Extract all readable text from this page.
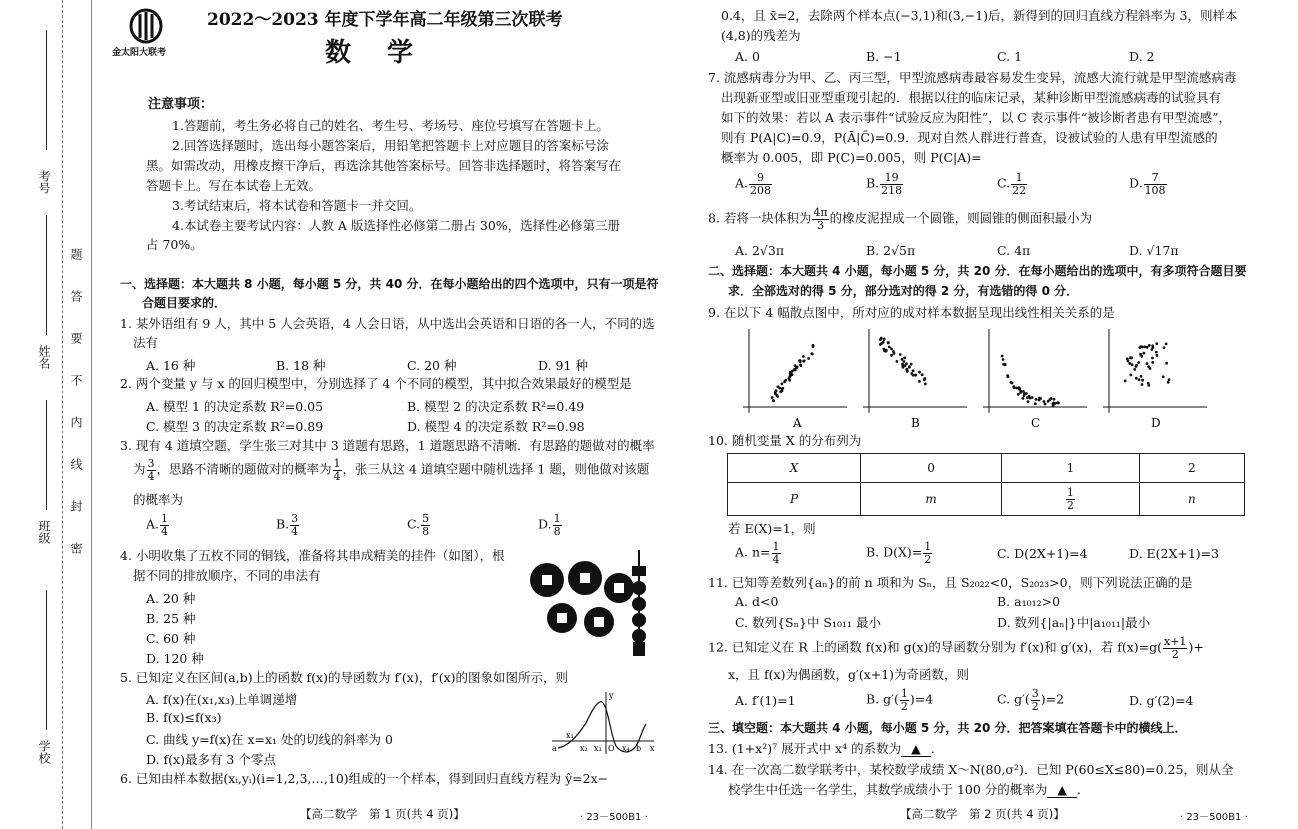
考号
姓名
班级
学校
题
答
要
不
内
线
封
密
金太阳大联考
2022～2023 年度下学年高二年级第三次联考
数学
注意事项：
1.答题前，考生务必将自己的姓名、考生号、考场号、座位号填写在答题卡上。
2.回答选择题时，选出每小题答案后，用铅笔把答题卡上对应题目的答案标号涂
黑。如需改动，用橡皮擦干净后，再选涂其他答案标号。回答非选择题时，将答案写在
答题卡上。写在本试卷上无效。
3.考试结束后，将本试卷和答题卡一并交回。
4.本试卷主要考试内容：人教 A 版选择性必修第二册占 30%，选择性必修第三册
占 70%。
一、选择题：本大题共 8 小题，每小题 5 分，共 40 分．在每小题给出的四个选项中，只有一项是符
合题目要求的．
1. 某外语组有 9 人，其中 5 人会英语，4 人会日语，从中选出会英语和日语的各一人，不同的选
法有
A. 16 种	B. 18 种	C. 20 种	D. 91 种
2. 两个变量 y 与 x 的回归模型中，分别选择了 4 个不同的模型，其中拟合效果最好的模型是
A. 模型 1 的决定系数 R²=0.05	B. 模型 2 的决定系数 R²=0.49
C. 模型 3 的决定系数 R²=0.89	D. 模型 4 的决定系数 R²=0.98
3. 现有 4 道填空题，学生张三对其中 3 道题有思路，1 道题思路不清晰．有思路的题做对的概率
为 $\frac{3}{4}$ ，思路不清晰的题做对的概率为 $\frac{1}{4}$ ，张三从这 4 道填空题中随机选择 1 题，则他做对该题
的概率为
A. $\frac{1}{4}$	B. $\frac{3}{4}$	C. $\frac{5}{8}$	D. $\frac{1}{8}$
4. 小明收集了五枚不同的铜钱，准备将其串成精美的挂件（如图），根
据不同的排放顺序，不同的串法有
A. 20 种
B. 25 种
C. 60 种
D. 120 种
5. 已知定义在区间(a,b)上的函数 f(x)的导函数为 f′(x)，f′(x)的图象如图所示，则
A. f(x)在(x₁,x₃)上单调递增
B. f(x)≤f(x₃)
C. 曲线 y=f(x)在 x=x₁ 处的切线的斜率为 0
D. f(x)最多有 3 个零点
a
x₁
x₂ x₃ O x₄ b x
y
6. 已知由样本数据(xᵢ,yᵢ)(i=1,2,3,…,10)组成的一个样本，得到回归直线方程为 ŷ=2x−
【高二数学　第 1 页(共 4 页)】	· 23－500B1 ·
0.4，且 x̄=2，去除两个样本点(−3,1)和(3,−1)后，新得到的回归直线方程斜率为 3，则样本
(4,8)的残差为
A. 0	B. −1	C. 1	D. 2
7. 流感病毒分为甲、乙、丙三型，甲型流感病毒最容易发生变异，流感大流行就是甲型流感病毒
出现新亚型或旧亚型重现引起的．根据以往的临床记录，某种诊断甲型流感病毒的试验具有
如下的效果：若以 A 表示事件“试验反应为阳性”，以 C 表示事件“被诊断者患有甲型流感”，
则有 P(A|C)=0.9，P(Ā|C̄)=0.9．现对自然人群进行普查，设被试验的人患有甲型流感的
概率为 0.005，即 P(C)=0.005，则 P(C|A)=
A. $\frac{9}{208}$	B. $\frac{19}{218}$	C. $\frac{1}{22}$	D. $\frac{7}{108}$
8. 若将一块体积为 $\frac{4\pi}{3}$ 的橡皮泥捏成一个圆锥，则圆锥的侧面积最小为
A. 2√3π	B. 2√5π	C. 4π	D. √17π
二、选择题：本大题共 4 小题，每小题 5 分，共 20 分．在每小题给出的选项中，有多项符合题目要
求．全部选对的得 5 分，部分选对的得 2 分，有选错的得 0 分．
9. 在以下 4 幅散点图中，所对应的成对样本数据呈现出线性相关关系的是
A	B	C	D
10. 随机变量 X 的分布列为
X	0	1	2
P	m	$\frac{1}{2}$	n
若 E(X)=1，则
A. $n= \frac{1}{4}$	B. $D(X)= \frac{1}{2}$	C. D(2X+1)=4	D. E(2X+1)=3
11. 已知等差数列{aₙ}的前 n 项和为 Sₙ，且 S₂₀₂₂<0，S₂₀₂₃>0，则下列说法正确的是
A. d<0	B. a₁₀₁₂>0
C. 数列{Sₙ}中 S₁₀₁₁ 最小	D. 数列{|aₙ|}中|a₁₀₁₁|最小
12. 已知定义在 R 上的函数 f(x)和 g(x)的导函数分别为 f′(x)和 g′(x)，若 $f(x)=g( \frac{x+1}{2}$ )+
x，且 f(x)为偶函数，g′(x+1)为奇函数，则
A. f′(1)=1	B. $g'( \frac{1}{2} )=4$	C. $g'( \frac{3}{2} )=2$	D. g′(2)=4
三、填空题：本大题共 4 小题，每小题 5 分，共 20 分．把答案填在答题卡中的横线上．
13. (1+x²)⁷ 展开式中 x⁴ 的系数为 ▲ ．
14. 在一次高二数学联考中，某校数学成绩 X～N(80,σ²)．已知 P(60≤X≤80)=0.25，则从全
校学生中任选一名学生，其数学成绩小于 100 分的概率为 ▲ ．
【高二数学　第 2 页(共 4 页)】	· 23－500B1 ·
